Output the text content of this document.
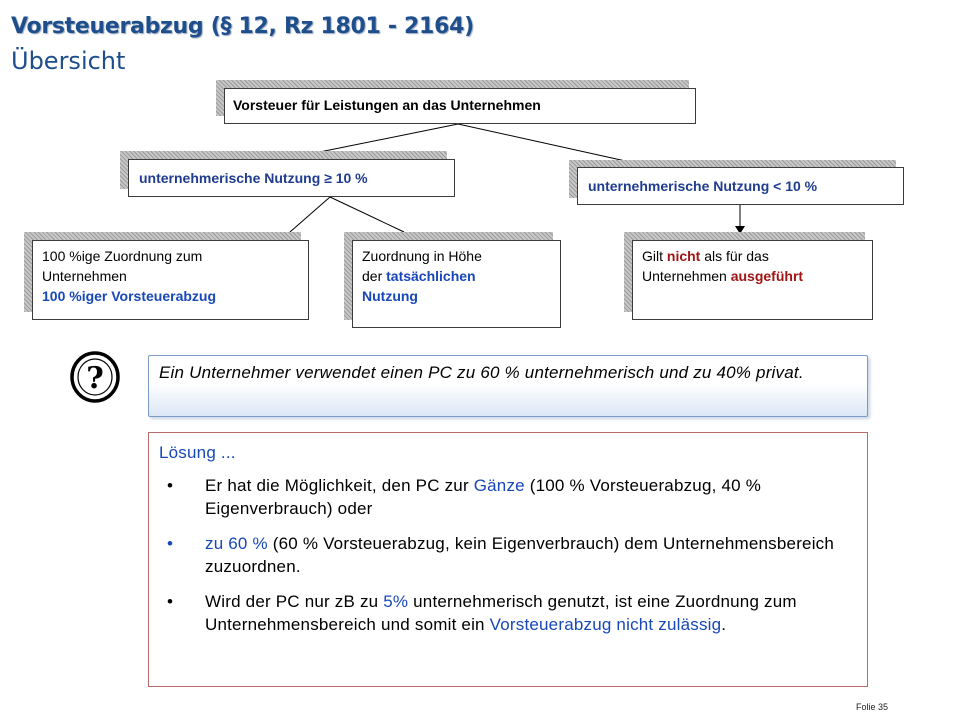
Vorsteuerabzug (§ 12, Rz 1801 - 2164)
Übersicht
Vorsteuer für Leistungen an das Unternehmen
unternehmerische Nutzung ≥ 10 %	unternehmerische Nutzung < 10 %
100 %ige Zuordnung zum
Unternehmen
100 %iger Vorsteuerabzug
Zuordnung in Höhe
der tatsächlichen
Nutzung
Gilt nicht als für das
Unternehmen ausgeführt
?	Ein Unternehmer verwendet einen PC zu 60 % unternehmerisch und zu 40% privat.
Lösung ...
• Er hat die Möglichkeit, den PC zur Gänze (100 % Vorsteuerabzug, 40 % Eigenverbrauch) oder
• zu 60 % (60 % Vorsteuerabzug, kein Eigenverbrauch) dem Unternehmensbereich zuzuordnen.
• Wird der PC nur zB zu 5% unternehmerisch genutzt, ist eine Zuordnung zum Unternehmensbereich und somit ein Vorsteuerabzug nicht zulässig.
Folie 35
